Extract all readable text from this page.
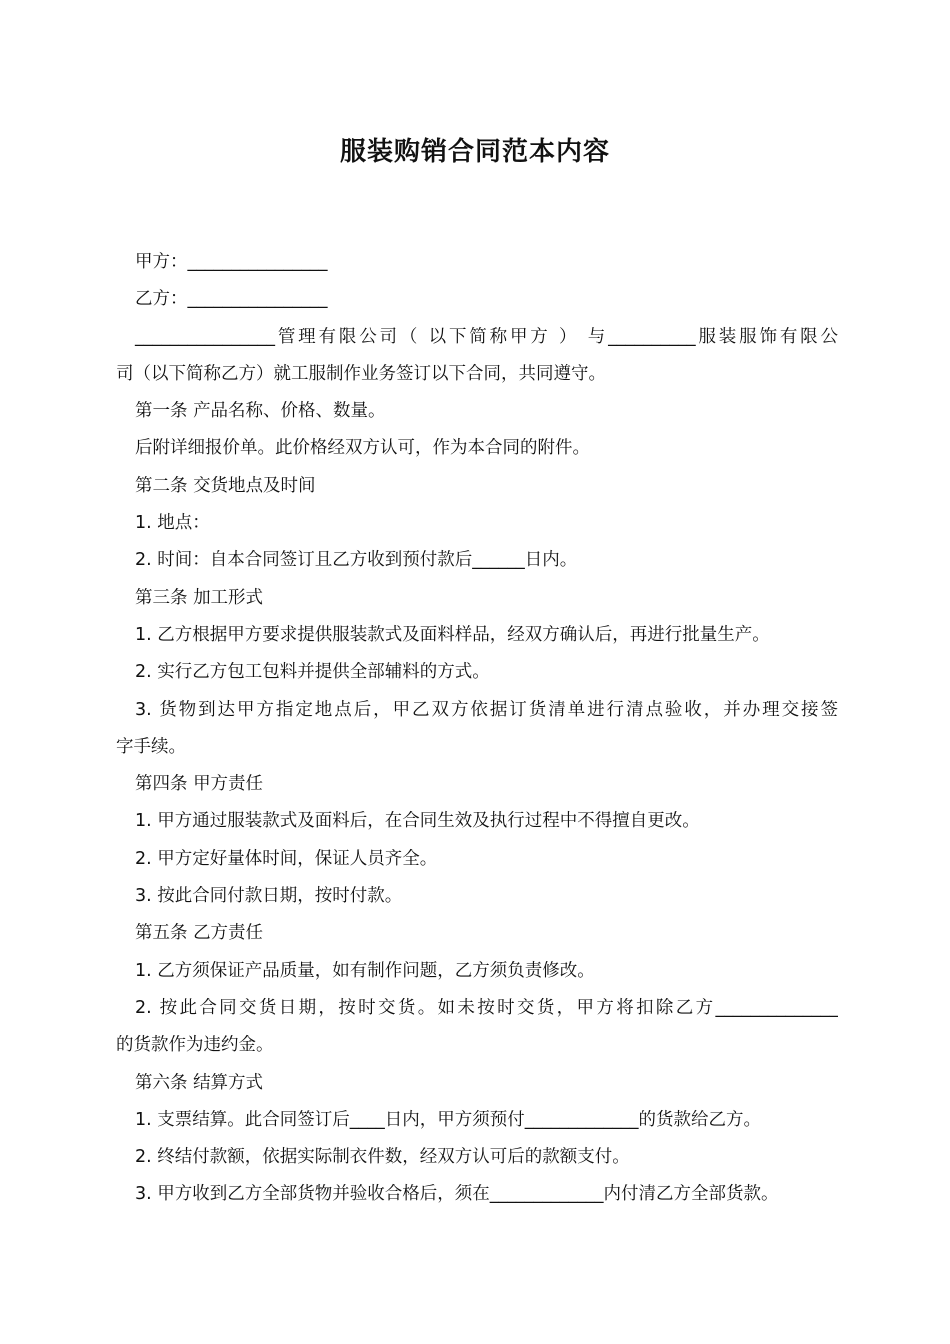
服装购销合同范本内容
甲方：________________
乙方：________________
________________管理有限公司（ 以下简称甲方 ） 与__________服装服饰有限公
司（以下简称乙方）就工服制作业务签订以下合同，共同遵守。
第一条 产品名称、价格、数量。
后附详细报价单。此价格经双方认可，作为本合同的附件。
第二条 交货地点及时间
1. 地点：
2. 时间：自本合同签订且乙方收到预付款后______日内。
第三条 加工形式
1. 乙方根据甲方要求提供服装款式及面料样品，经双方确认后，再进行批量生产。
2. 实行乙方包工包料并提供全部辅料的方式。
3. 货物到达甲方指定地点后，甲乙双方依据订货清单进行清点验收，并办理交接签
字手续。
第四条 甲方责任
1. 甲方通过服装款式及面料后，在合同生效及执行过程中不得擅自更改。
2. 甲方定好量体时间，保证人员齐全。
3. 按此合同付款日期，按时付款。
第五条 乙方责任
1. 乙方须保证产品质量，如有制作问题，乙方须负责修改。
2. 按此合同交货日期，按时交货。如未按时交货，甲方将扣除乙方______________
的货款作为违约金。
第六条 结算方式
1. 支票结算。此合同签订后____日内，甲方须预付_____________的货款给乙方。
2. 终结付款额，依据实际制衣件数，经双方认可后的款额支付。
3. 甲方收到乙方全部货物并验收合格后，须在_____________内付清乙方全部货款。
